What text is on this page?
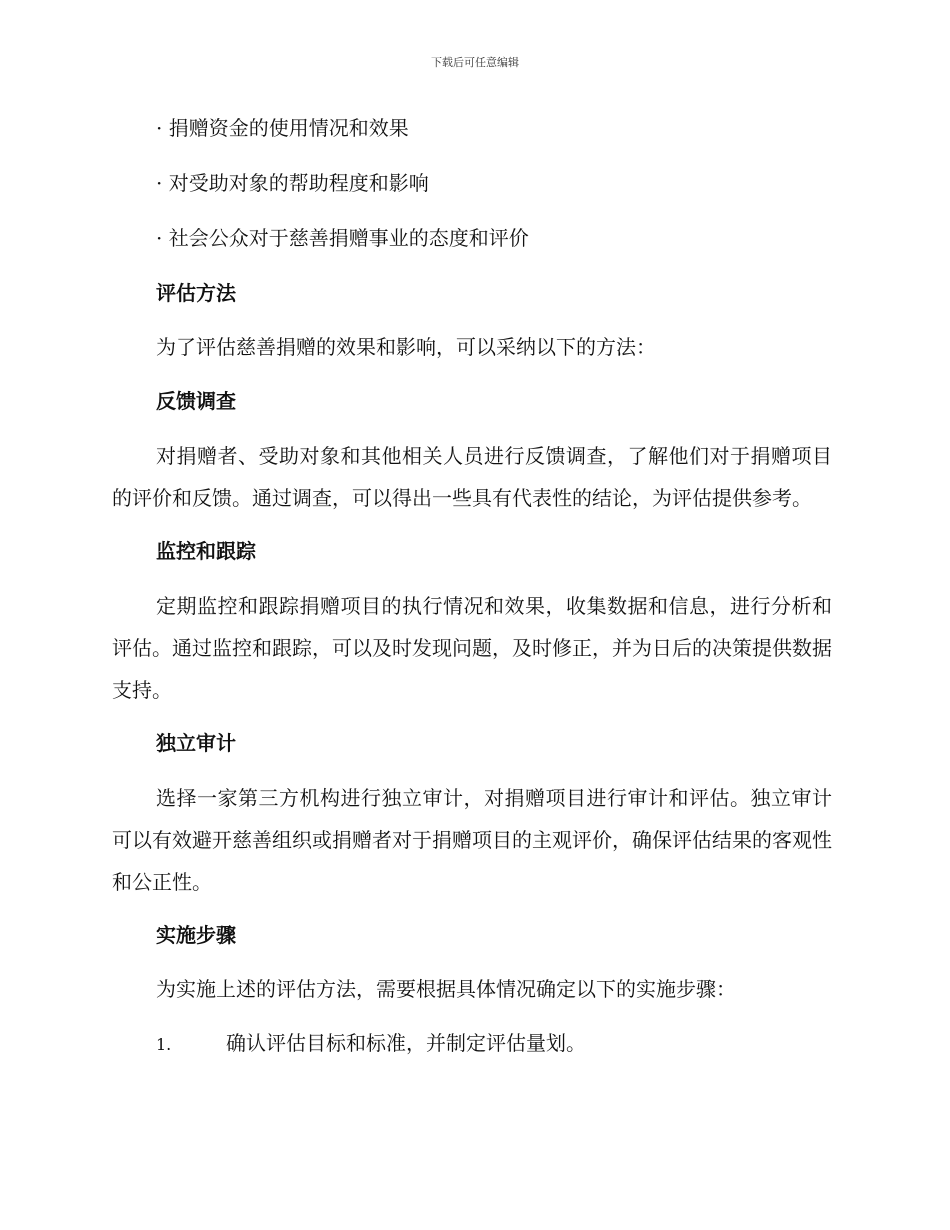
下载后可任意编辑

· 捐赠资金的使用情况和效果

· 对受助对象的帮助程度和影响

· 社会公众对于慈善捐赠事业的态度和评价

评估方法

为了评估慈善捐赠的效果和影响，可以采纳以下的方法：

反馈调查

对捐赠者、受助对象和其他相关人员进行反馈调查，了解他们对于捐赠项目的评价和反馈。通过调查，可以得出一些具有代表性的结论，为评估提供参考。

监控和跟踪

定期监控和跟踪捐赠项目的执行情况和效果，收集数据和信息，进行分析和评估。通过监控和跟踪，可以及时发现问题，及时修正，并为日后的决策提供数据支持。

独立审计

选择一家第三方机构进行独立审计，对捐赠项目进行审计和评估。独立审计可以有效避开慈善组织或捐赠者对于捐赠项目的主观评价，确保评估结果的客观性和公正性。

实施步骤

为实施上述的评估方法，需要根据具体情况确定以下的实施步骤：

1.	确认评估目标和标准，并制定评估量划。
